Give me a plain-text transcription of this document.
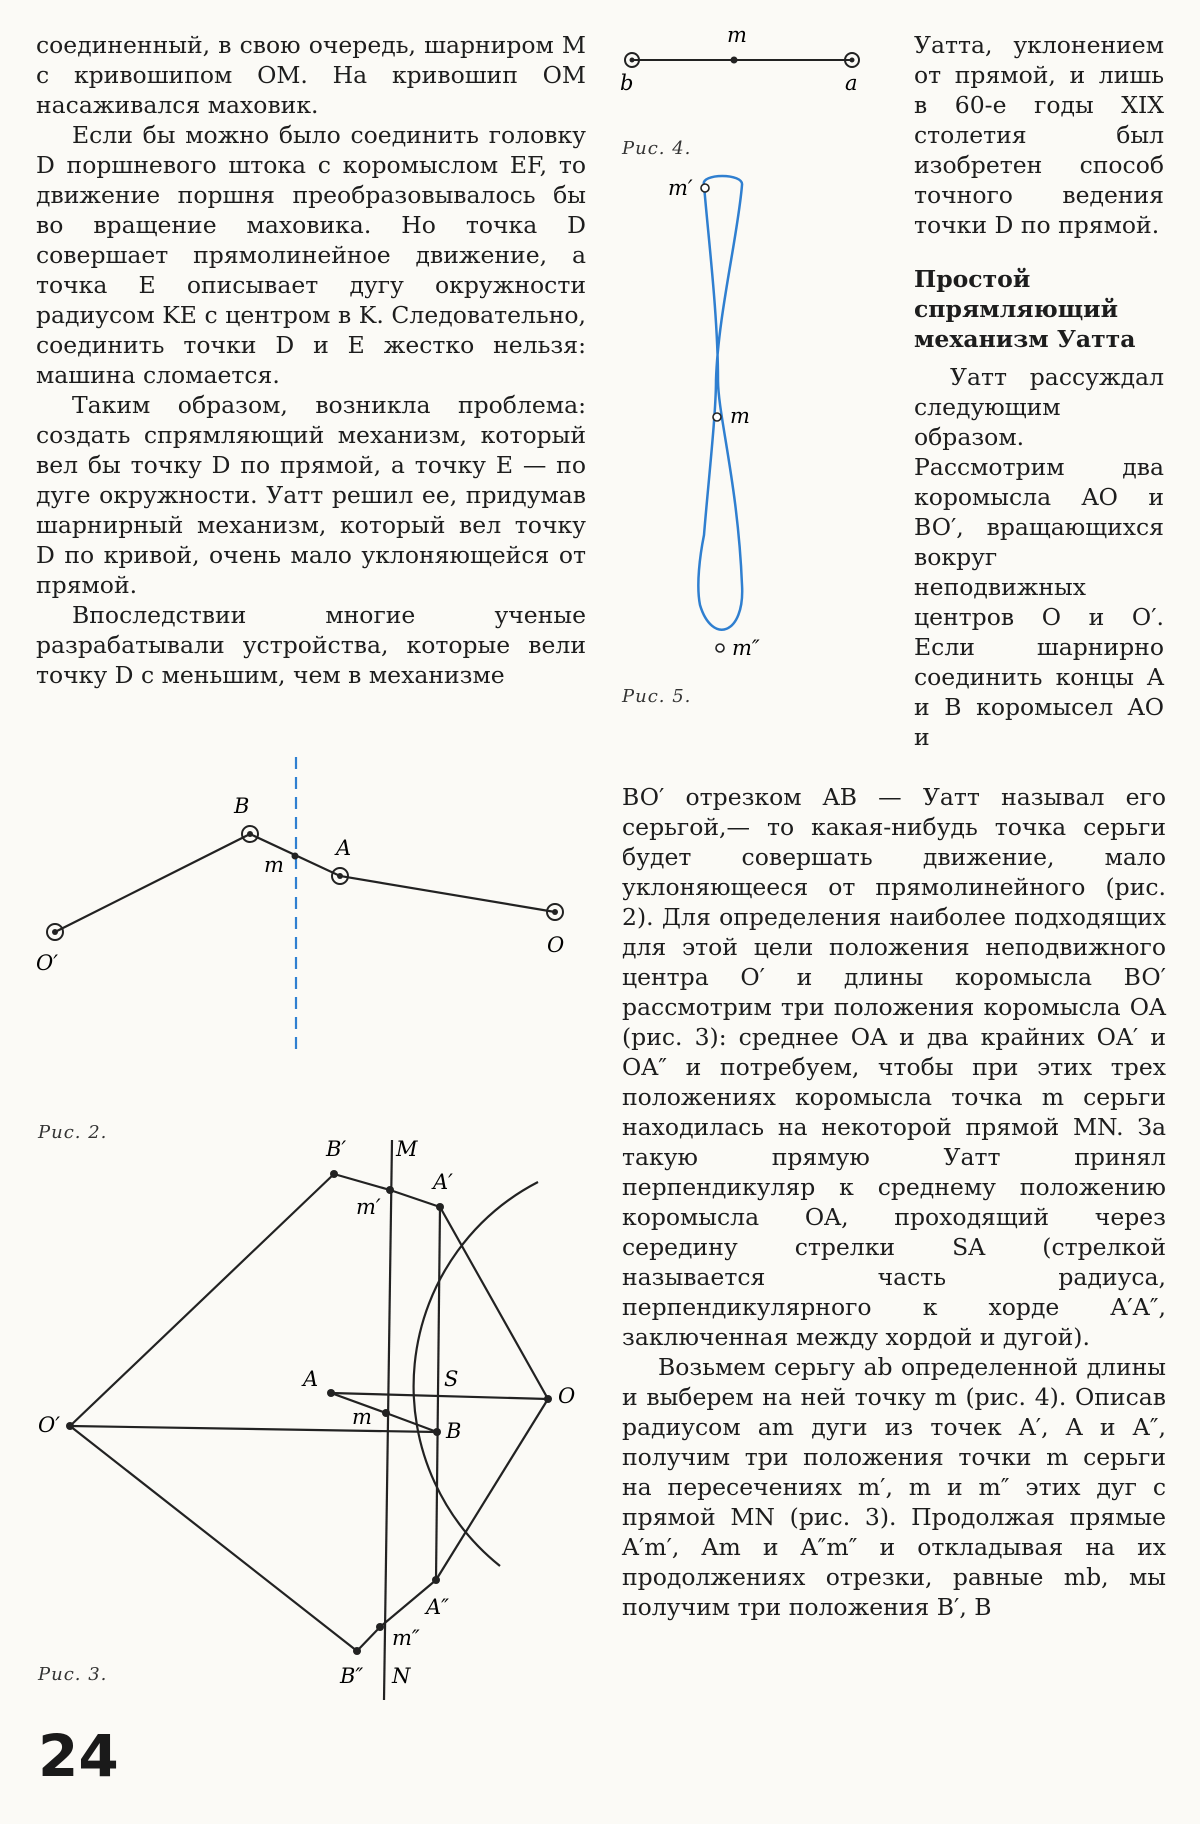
соединенный, в свою очередь, шарниром M с кривошипом OM. На кривошип OM насаживался маховик.

Если бы можно было соединить головку D поршневого штока с коромыслом EF, то движение поршня преобразовывалось бы во вращение маховика. Но точка D совершает прямолинейное движение, а точка E описывает дугу окружности радиусом KE с центром в K. Следовательно, соединить точки D и E жестко нельзя: машина сломается.

Таким образом, возникла проблема: создать спрямляющий механизм, который вел бы точку D по прямой, а точку E — по дуге окружности. Уатт решил ее, придумав шарнирный механизм, который вел точку D по кривой, очень мало уклоняющейся от прямой.

Впоследствии многие ученые разрабатывали устройства, которые вели точку D с меньшим, чем в механизме

Уатта, уклонением от прямой, и лишь в 60-е годы XIX столетия был изобретен способ точного ведения точки D по прямой.

Простой спрямляющий механизм Уатта

Уатт рассуждал следующим образом. Рассмотрим два коромысла AO и BO′, вращающихся вокруг неподвижных центров O и O′. Если шарнирно соединить концы A и B коромысел AO и

BO′ отрезком AB — Уатт называл его серьгой,— то какая-нибудь точка серьги будет совершать движение, мало уклоняющееся от прямолинейного (рис. 2). Для определения наиболее подходящих для этой цели положения неподвижного центра O′ и длины коромысла BO′ рассмотрим три положения коромысла OA (рис. 3): среднее OA и два крайних OA′ и OA″ и потребуем, чтобы при этих трех положениях коромысла точка m серьги находилась на некоторой прямой MN. За такую прямую Уатт принял перпендикуляр к среднему положению коромысла OA, проходящий через середину стрелки SA (стрелкой называется часть радиуса, перпендикулярного к хорде A′A″, заключенная между хордой и дугой).

Возьмем серьгу ab определенной длины и выберем на ней точку m (рис. 4). Описав радиусом am дуги из точек A′, A и A″, получим три положения точки m серьги на пересечениях m′, m и m″ этих дуг с прямой MN (рис. 3). Продолжая прямые A′m′, Am и A″m″ и откладывая на их продолжениях отрезки, равные mb, мы получим три положения B′, B

m
b	a
Рис. 4.
m′
m
m″
Рис. 5.
B
m
A
O′
O
Рис. 2.
B′ M
m′
A′
A	S
O
O′	m
B
A″
m″
B″ N
Рис. 3.
24
